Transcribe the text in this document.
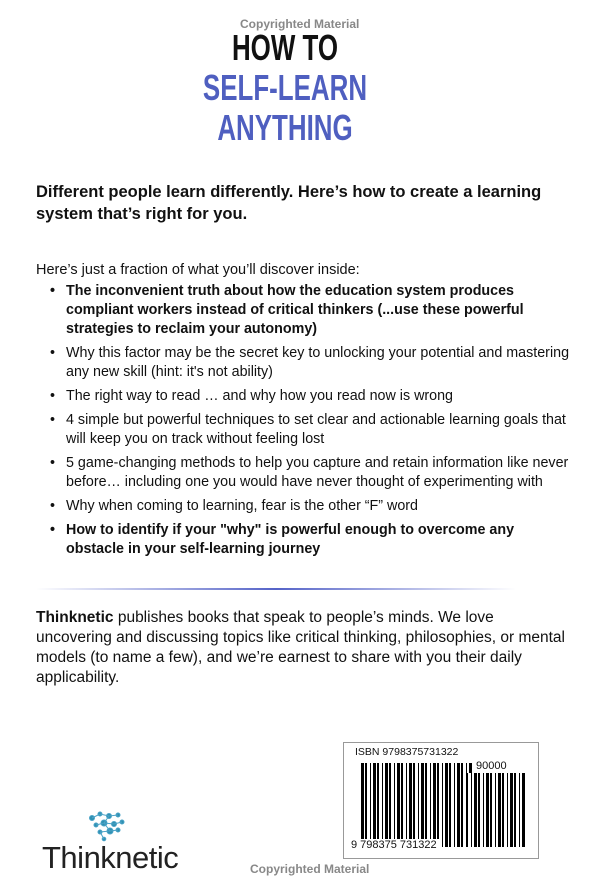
Copyrighted Material
HOW TO
SELF-LEARN
ANYTHING
Different people learn differently. Here’s how to create a learning system that’s right for you.
Here’s just a fraction of what you’ll discover inside:
• The inconvenient truth about how the education system produces compliant workers instead of critical thinkers (...use these powerful strategies to reclaim your autonomy)
• Why this factor may be the secret key to unlocking your potential and mastering any new skill (hint: it's not ability)
• The right way to read … and why how you read now is wrong
• 4 simple but powerful techniques to set clear and actionable learning goals that will keep you on track without feeling lost
• 5 game-changing methods to help you capture and retain information like never before… including one you would have never thought of experimenting with
• Why when coming to learning, fear is the other “F” word
• How to identify if your "why" is powerful enough to overcome any obstacle in your self-learning journey
Thinknetic publishes books that speak to people’s minds. We love uncovering and discussing topics like critical thinking, philosophies, or mental models (to name a few), and we’re earnest to share with you their daily applicability.
Thinknetic
ISBN 9798375731322
90000
9 798375 731322
Copyrighted Material
